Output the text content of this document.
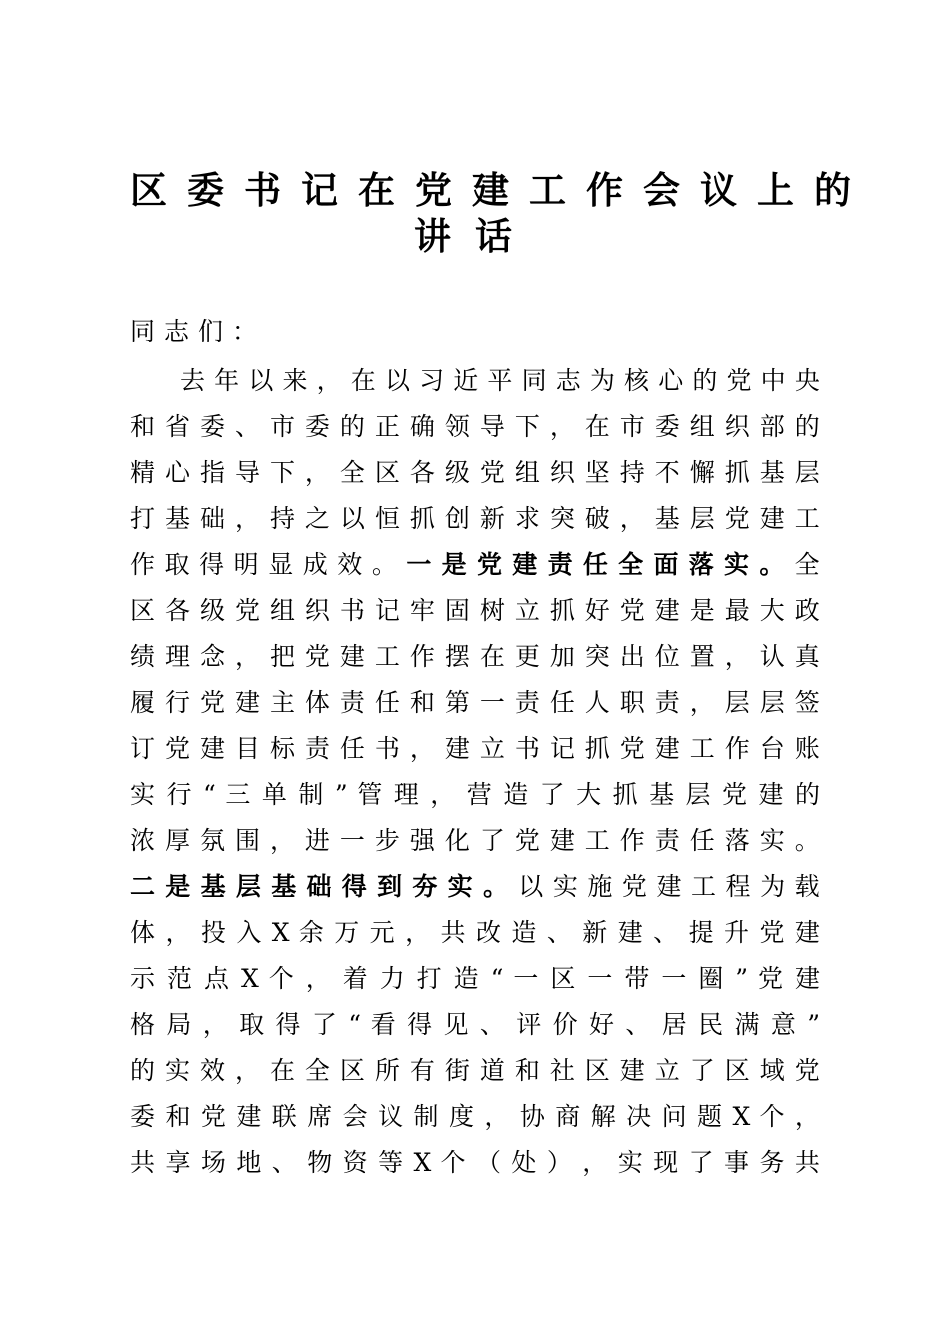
区委书记在党建工作会议上的
讲话
同志们：
去 年 以 来 ， 在 以 习 近 平 同 志 为 核 心 的 党 中 央
和 省 委 、 市 委 的 正 确 领 导 下 ， 在 市 委 组 织 部 的
精 心 指 导 下 ， 全 区 各 级 党 组 织 坚 持 不 懈 抓 基 层
打 基 础 ， 持 之 以 恒 抓 创 新 求 突 破 ， 基 层 党 建 工
作 取 得 明 显 成 效 。 一 是 党 建 责 任 全 面 落 实 。 全
区 各 级 党 组 织 书 记 牢 固 树 立 抓 好 党 建 是 最 大 政
绩 理 念 ， 把 党 建 工 作 摆 在 更 加 突 出 位 置 ， 认 真
履 行 党 建 主 体 责 任 和 第 一 责 任 人 职 责 ， 层 层 签
订 党 建 目 标 责 任 书 ， 建 立 书 记 抓 党 建 工 作 台 账
实 行 “ 三 单 制 ” 管 理 ， 营 造 了 大 抓 基 层 党 建 的
浓 厚 氛 围 ， 进 一 步 强 化 了 党 建 工 作 责 任 落 实 。
二 是 基 层 基 础 得 到 夯 实 。 以 实 施 党 建 工 程 为 载
体 ， 投 入 X 余 万 元 ， 共 改 造 、 新 建 、 提 升 党 建
示 范 点 X 个 ， 着 力 打 造 “ 一 区 一 带 一 圈 ” 党 建
格 局 ， 取 得 了 “ 看 得 见 、 评 价 好 、 居 民 满 意 ”
的 实 效 ， 在 全 区 所 有 街 道 和 社 区 建 立 了 区 域 党
委 和 党 建 联 席 会 议 制 度 ， 协 商 解 决 问 题 X 个 ，
共 享 场 地 、 物 资 等 X 个 （ 处 ） ， 实 现 了 事 务 共
